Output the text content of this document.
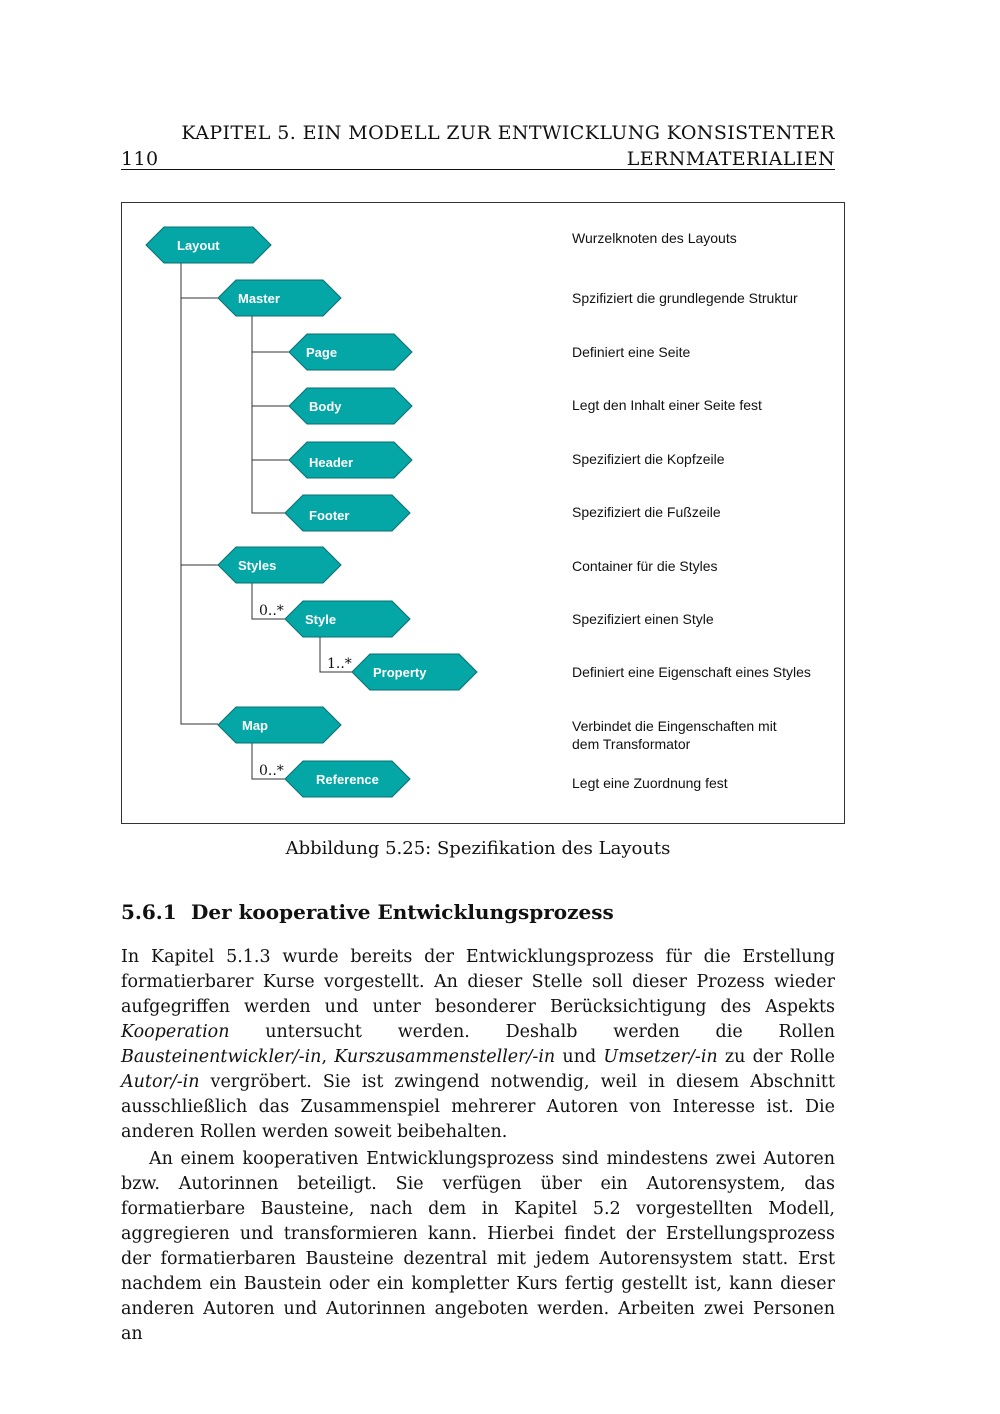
KAPITEL 5. EIN MODELL ZUR ENTWICKLUNG KONSISTENTER
110	LERNMATERIALIEN
Layout
Master
Page
Body
Header
Footer
Styles
Style
Property
Map
Reference
0..*
1..*
0..*
Wurzelknoten des Layouts
Spzifiziert die grundlegende Struktur
Definiert eine Seite
Legt den Inhalt einer Seite fest
Spezifiziert die Kopfzeile
Spezifiziert die Fußzeile
Container für die Styles
Spezifiziert einen Style
Definiert eine Eigenschaft eines Styles
Verbindet die Eingenschaften mit
dem Transformator
Legt eine Zuordnung fest
Abbildung 5.25: Spezifikation des Layouts
5.6.1 Der kooperative Entwicklungsprozess

In Kapitel 5.1.3 wurde bereits der Entwicklungsprozess für die Erstellung formatierbarer Kurse vorgestellt. An dieser Stelle soll dieser Prozess wieder aufgegriffen werden und unter besonderer Berücksichtigung des Aspekts Kooperation untersucht werden. Deshalb werden die Rollen Bausteinentwickler/-in, Kurszusammensteller/-in und Umsetzer/-in zu der Rolle Autor/-in vergröbert. Sie ist zwingend notwendig, weil in diesem Abschnitt ausschließlich das Zusammenspiel mehrerer Autoren von Interesse ist. Die anderen Rollen werden soweit beibehalten.

An einem kooperativen Entwicklungsprozess sind mindestens zwei Autoren bzw. Autorinnen beteiligt. Sie verfügen über ein Autorensystem, das formatierbare Bausteine, nach dem in Kapitel 5.2 vorgestellten Modell, aggregieren und transformieren kann. Hierbei findet der Erstellungsprozess der formatierbaren Bausteine dezentral mit jedem Autorensystem statt. Erst nachdem ein Baustein oder ein kompletter Kurs fertig gestellt ist, kann dieser anderen Autoren und Autorinnen angeboten werden. Arbeiten zwei Personen an
